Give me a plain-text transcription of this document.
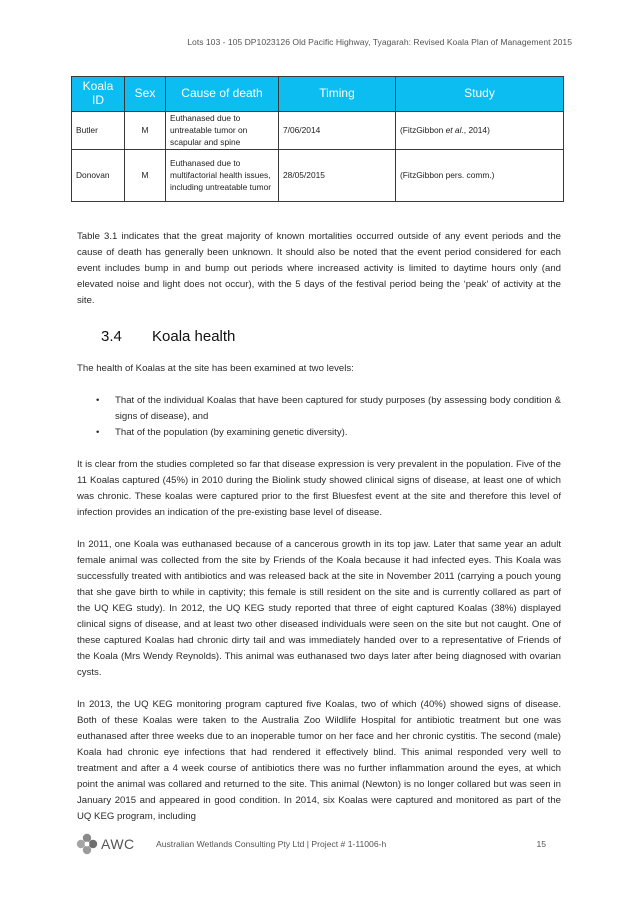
Lots 103 - 105 DP1023126 Old Pacific Highway, Tyagarah: Revised Koala Plan of Management 2015
Koala ID	Sex	Cause of death	Timing	Study
Butler	M	Euthanased due to untreatable tumor on scapular and spine	7/06/2014	(FitzGibbon et al., 2014)
Donovan	M	Euthanased due to multifactorial health issues, including untreatable tumor	28/05/2015	(FitzGibbon pers. comm.)

Table 3.1 indicates that the great majority of known mortalities occurred outside of any event periods and the cause of death has generally been unknown. It should also be noted that the event period considered for each event includes bump in and bump out periods where increased activity is limited to daytime hours only (and elevated noise and light does not occur), with the 5 days of the festival period being the ‘peak’ of activity at the site.

3.4 Koala health

The health of Koalas at the site has been examined at two levels:

• That of the individual Koalas that have been captured for study purposes (by assessing body condition & signs of disease), and
• That of the population (by examining genetic diversity).

It is clear from the studies completed so far that disease expression is very prevalent in the population. Five of the 11 Koalas captured (45%) in 2010 during the Biolink study showed clinical signs of disease, at least one of which was chronic. These koalas were captured prior to the first Bluesfest event at the site and therefore this level of infection provides an indication of the pre-existing base level of disease.

In 2011, one Koala was euthanased because of a cancerous growth in its top jaw. Later that same year an adult female animal was collected from the site by Friends of the Koala because it had infected eyes. This Koala was successfully treated with antibiotics and was released back at the site in November 2011 (carrying a pouch young that she gave birth to while in captivity; this female is still resident on the site and is currently collared as part of the UQ KEG study). In 2012, the UQ KEG study reported that three of eight captured Koalas (38%) displayed clinical signs of disease, and at least two other diseased individuals were seen on the site but not caught. One of these captured Koalas had chronic dirty tail and was immediately handed over to a representative of Friends of the Koala (Mrs Wendy Reynolds). This animal was euthanased two days later after being diagnosed with ovarian cysts.

In 2013, the UQ KEG monitoring program captured five Koalas, two of which (40%) showed signs of disease. Both of these Koalas were taken to the Australia Zoo Wildlife Hospital for antibiotic treatment but one was euthanased after three weeks due to an inoperable tumor on her face and her chronic cystitis. The second (male) Koala had chronic eye infections that had rendered it effectively blind. This animal responded very well to treatment and after a 4 week course of antibiotics there was no further inflammation around the eyes, at which point the animal was collared and returned to the site. This animal (Newton) is no longer collared but was seen in January 2015 and appeared in good condition. In 2014, six Koalas were captured and monitored as part of the UQ KEG program, including

AWC Australian Wetlands Consulting Pty Ltd | Project # 1-11006-h	15
